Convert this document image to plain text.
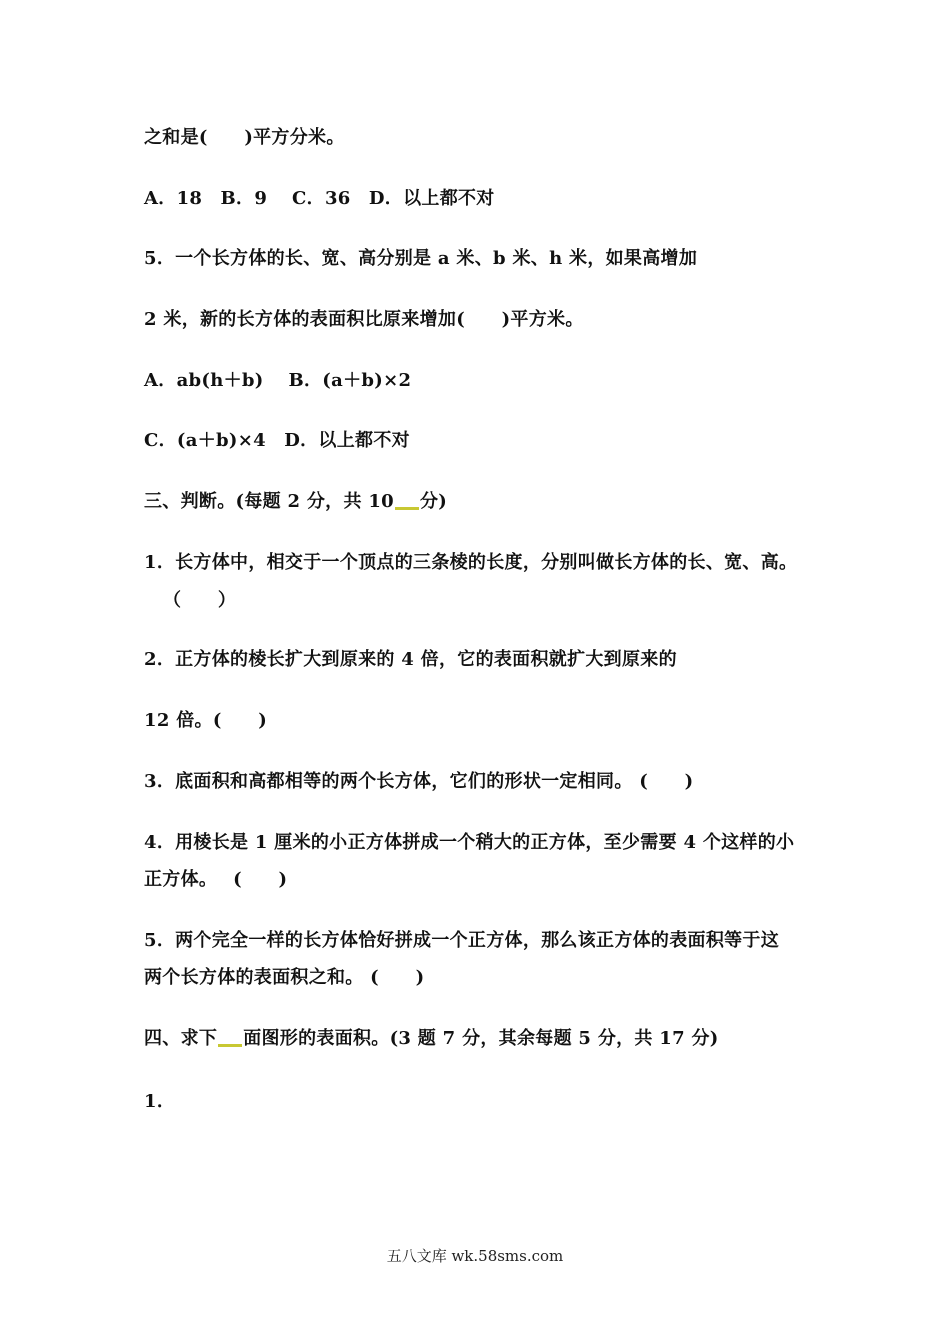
之和是(　　)平方分米。
A．18　B．9　 C．36　D．以上都不对
5．一个长方体的长、宽、高分别是 a 米、b 米、h 米，如果高增加
2 米，新的长方体的表面积比原来增加(　　)平方米。
A．ab(h＋b)　 B．(a＋b)×2
C．(a＋b)×4　D．以上都不对
三、判断。(每题 2 分，共 10 分)
1．长方体中，相交于一个顶点的三条棱的长度，分别叫做长方体的长、宽、高。
（　　）
2．正方体的棱长扩大到原来的 4 倍，它的表面积就扩大到原来的
12 倍。(　　)
3．底面积和高都相等的两个长方体，它们的形状一定相同。 (　　)
4．用棱长是 1 厘米的小正方体拼成一个稍大的正方体，至少需要 4 个这样的小
正方体。　 (　　)
5．两个完全一样的长方体恰好拼成一个正方体，那么该正方体的表面积等于这
两个长方体的表面积之和。 (　　)
四、求下 面图形的表面积。(3 题 7 分，其余每题 5 分，共 17 分)
1．
五八文库 wk.58sms.com
